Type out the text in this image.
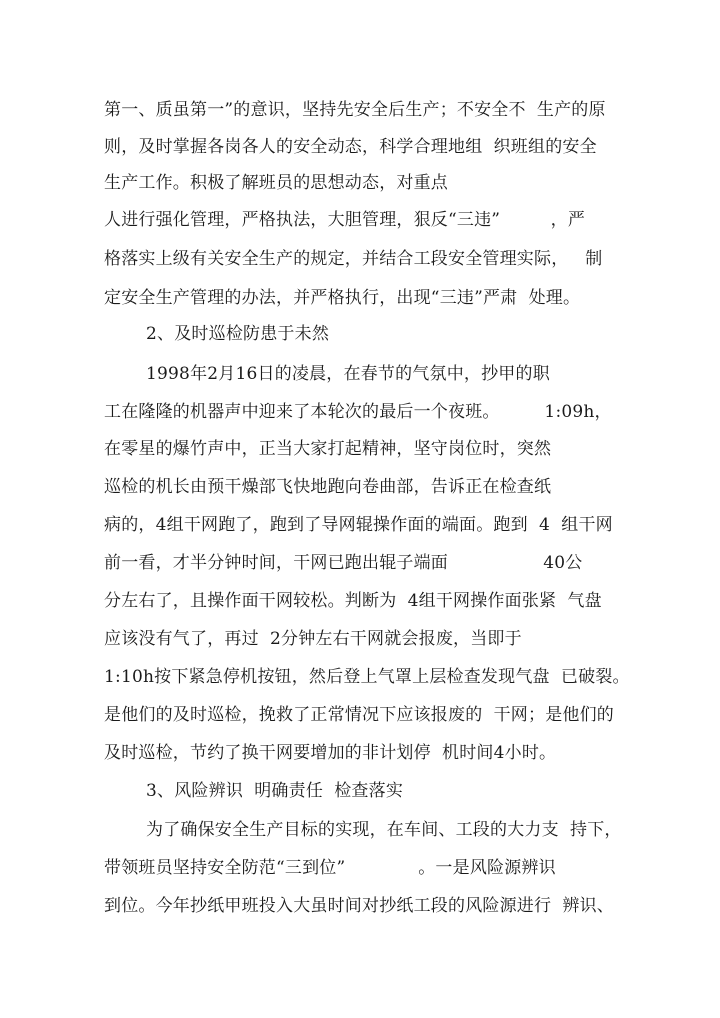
第一、质虽第一”的意识，坚持先安全后生产；不安全不  生产的原
则，及时掌握各岗各人的安全动态，科学合理地组  织班组的安全
生产工作。积极了解班员的思想动态，对重点
人进行强化管理，严格执法，大胆管理，狠反“三违”         ，严
格落实上级有关安全生产的规定，并结合工段安全管理实际，   制
定安全生产管理的办法，并严格执行，出现“三违”严肃  处理。
2、及时巡检防患于未然
1998年2月16日的凌晨，在春节的气氛中，抄甲的职
工在隆隆的机器声中迎来了本轮次的最后一个夜班。        1:09h，
在零星的爆竹声中，正当大家打起精神，坚守岗位时，突然
巡检的机长由预干燥部飞快地跑向卷曲部，告诉正在检查纸
病的，4组干网跑了，跑到了导网辊操作面的端面。跑到  4  组干网
前一看，才半分钟时间，干网已跑出辊子端面                 40公
分左右了，且操作面干网较松。判断为  4组干网操作面张紧  气盘
应该没有气了，再过  2分钟左右干网就会报废，当即于
1:10h按下紧急停机按钮，然后登上气罩上层检查发现气盘  已破裂。
是他们的及时巡检，挽救了正常情况下应该报废的  干网；是他们的
及时巡检，节约了换干网要增加的非计划停  机时间4小时。
3、风险辨识  明确责任  检查落实
为了确保安全生产目标的实现，在车间、工段的大力支  持下，
带领班员坚持安全防范“三到位”             。一是风险源辨识
到位。今年抄纸甲班投入大虽时间对抄纸工段的风险源进行  辨识、
